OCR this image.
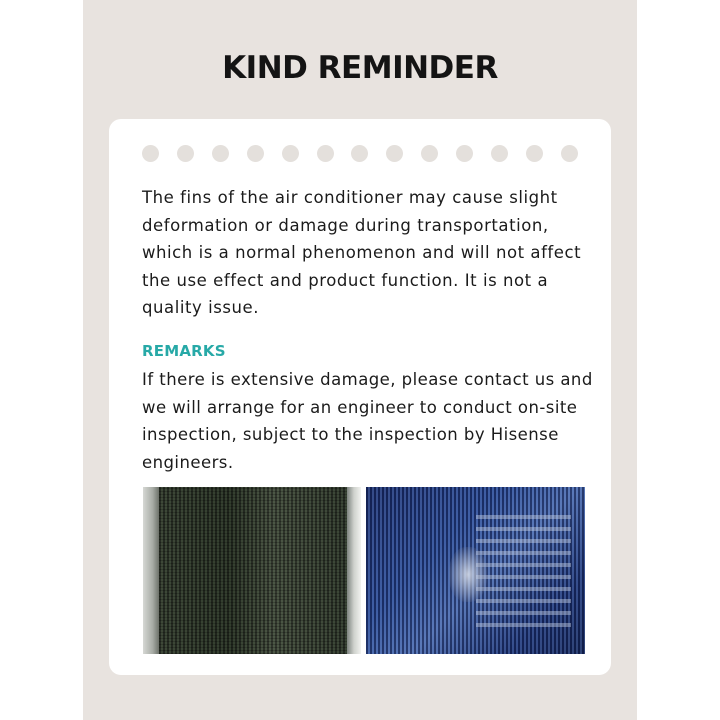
KIND REMINDER

The fins of the air conditioner may cause slight
deformation or damage during transportation,
which is a normal phenomenon and will not affect
the use effect and product function. It is not a
quality issue.

REMARKS

If there is extensive damage, please contact us and
we will arrange for an engineer to conduct on-site
inspection, subject to the inspection by Hisense
engineers.
